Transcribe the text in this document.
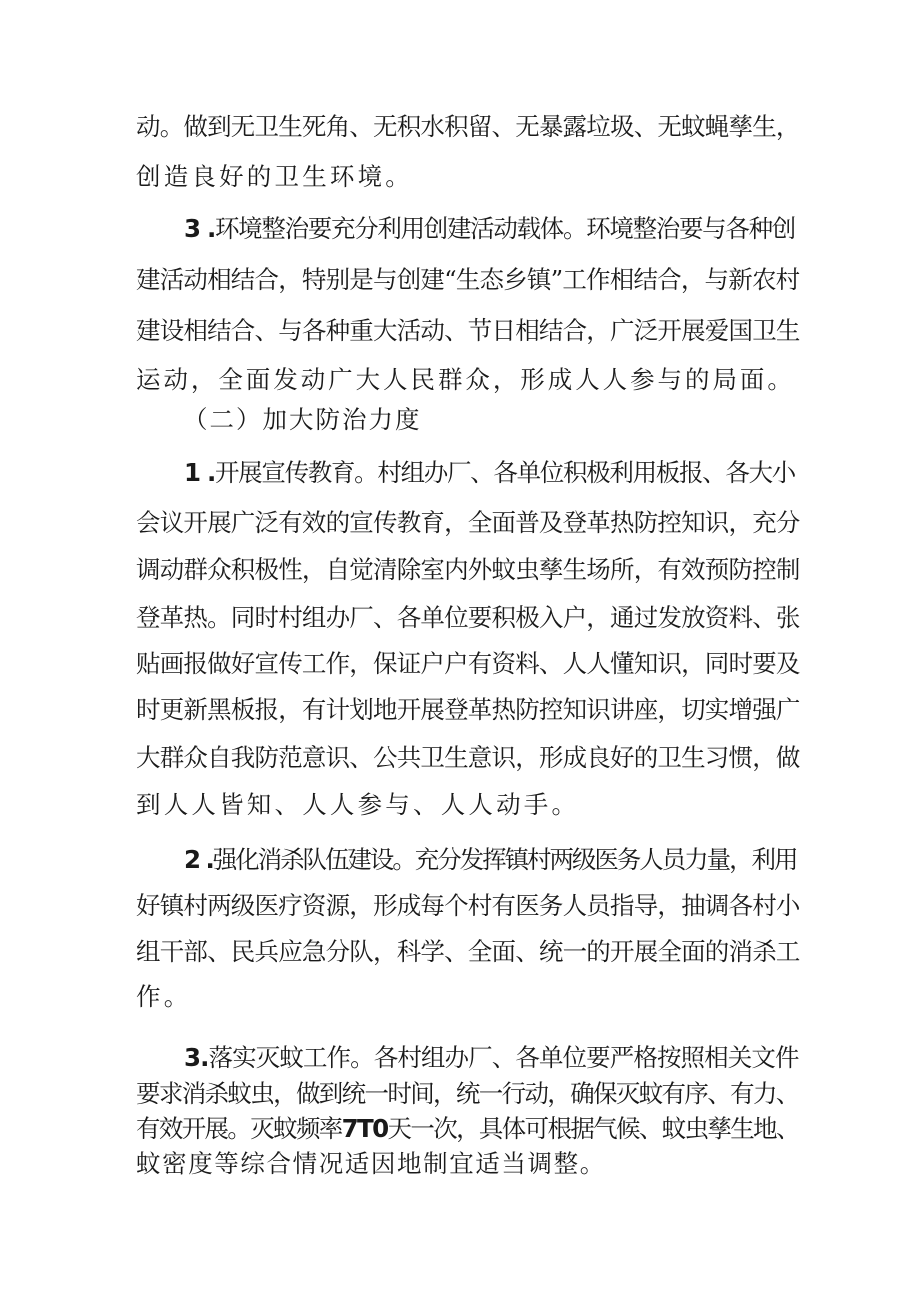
动。做到无卫生死角、无积水积留、无暴露垃圾、无蚊蝇孳生，
创造良好的卫生环境。
3 .环境整治要充分利用创建活动载体。环境整治要与各种创
建活动相结合，特别是与创建“生态乡镇”工作相结合，与新农村
建设相结合、与各种重大活动、节日相结合，广泛开展爱国卫生
运动，全面发动广大人民群众，形成人人参与的局面。
（二）加大防治力度
1 .开展宣传教育。村组办厂、各单位积极利用板报、各大小
会议开展广泛有效的宣传教育，全面普及登革热防控知识，充分
调动群众积极性，自觉清除室内外蚊虫孳生场所，有效预防控制
登革热。同时村组办厂、各单位要积极入户，通过发放资料、张
贴画报做好宣传工作，保证户户有资料、人人懂知识，同时要及
时更新黑板报，有计划地开展登革热防控知识讲座，切实增强广
大群众自我防范意识、公共卫生意识，形成良好的卫生习惯，做
到人人皆知、人人参与、人人动手。
2 .强化消杀队伍建设。充分发挥镇村两级医务人员力量，利用
好镇村两级医疗资源，形成每个村有医务人员指导，抽调各村小
组干部、民兵应急分队，科学、全面、统一的开展全面的消杀工
作。
3.落实灭蚊工作。各村组办厂、各单位要严格按照相关文件
要求消杀蚊虫，做到统一时间，统一行动，确保灭蚊有序、有力、
有效开展。灭蚊频率7T0天一次，具体可根据气候、蚊虫孳生地、
蚊密度等综合情况适因地制宜适当调整。
